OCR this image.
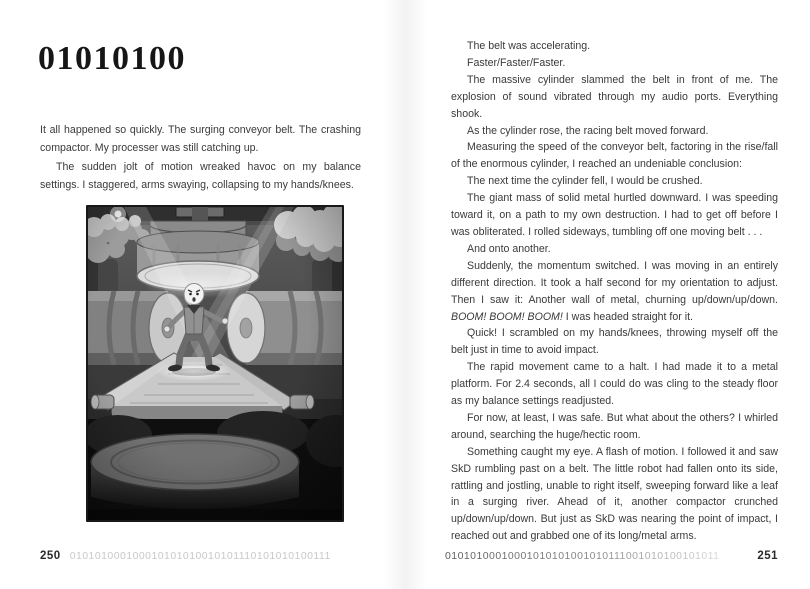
01010100

It all happened so quickly. The surging conveyor belt. The crashing compactor. My processer was still catching up.

The sudden jolt of motion wreaked havoc on my balance settings. I staggered, arms swaying, collapsing to my hands/knees.

250 010101000100010101010010101110101010100111

The belt was accelerating.

Faster/Faster/Faster.

The massive cylinder slammed the belt in front of me. The explosion of sound vibrated through my audio ports. Everything shook.

As the cylinder rose, the racing belt moved forward.

Measuring the speed of the conveyor belt, factoring in the rise/fall of the enormous cylinder, I reached an undeniable conclusion:

The next time the cylinder fell, I would be crushed.

The giant mass of solid metal hurtled downward. I was speeding toward it, on a path to my own destruction. I had to get off before I was obliterated. I rolled sideways, tumbling off one moving belt . . .

And onto another.

Suddenly, the momentum switched. I was moving in an entirely different direction. It took a half second for my orientation to adjust. Then I saw it: Another wall of metal, churning up/down/up/down. BOOM! BOOM! BOOM! I was headed straight for it.

Quick! I scrambled on my hands/knees, throwing myself off the belt just in time to avoid impact.

The rapid movement came to a halt. I had made it to a metal platform. For 2.4 seconds, all I could do was cling to the steady floor as my balance settings readjusted.

For now, at least, I was safe. But what about the others? I whirled around, searching the huge/hectic room.

Something caught my eye. A flash of motion. I followed it and saw SkD rumbling past on a belt. The little robot had fallen onto its side, rattling and jostling, unable to right itself, sweeping forward like a leaf in a surging river. Ahead of it, another compactor crunched up/down/up/down. But just as SkD was nearing the point of impact, I reached out and grabbed one of its long/metal arms.

01010100010001010101001010111001010100101011	251
